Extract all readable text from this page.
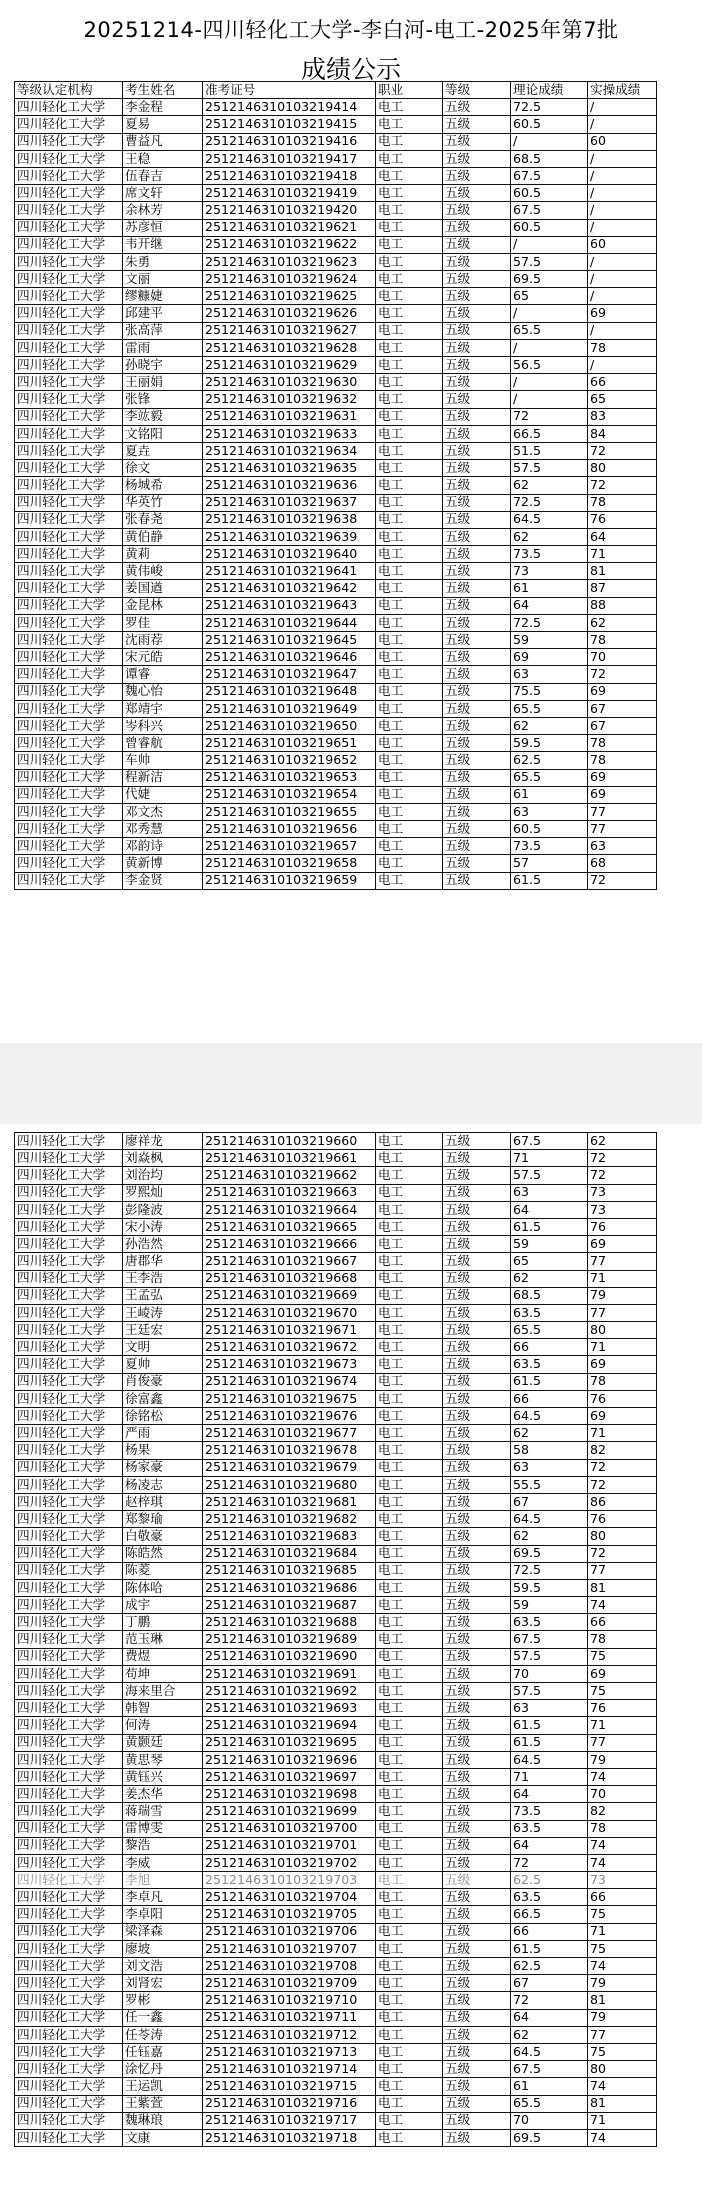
20251214-四川轻化工大学-李白河-电工-2025年第7批
成绩公示
等级认定机构	考生姓名	准考证号	职业	等级	理论成绩	实操成绩
四川轻化工大学	李金程	2512146310103219414	电工	五级	72.5	/
四川轻化工大学	夏易	2512146310103219415	电工	五级	60.5	/
四川轻化工大学	曹益凡	2512146310103219416	电工	五级	/	60
四川轻化工大学	王稳	2512146310103219417	电工	五级	68.5	/
四川轻化工大学	伍春吉	2512146310103219418	电工	五级	67.5	/
四川轻化工大学	席文轩	2512146310103219419	电工	五级	60.5	/
四川轻化工大学	余林芳	2512146310103219420	电工	五级	67.5	/
四川轻化工大学	苏彦恒	2512146310103219621	电工	五级	60.5	/
四川轻化工大学	韦开继	2512146310103219622	电工	五级	/	60
四川轻化工大学	朱勇	2512146310103219623	电工	五级	57.5	/
四川轻化工大学	文丽	2512146310103219624	电工	五级	69.5	/
四川轻化工大学	缪糠婕	2512146310103219625	电工	五级	65	/
四川轻化工大学	邱建平	2512146310103219626	电工	五级	/	69
四川轻化工大学	张高萍	2512146310103219627	电工	五级	65.5	/
四川轻化工大学	雷雨	2512146310103219628	电工	五级	/	78
四川轻化工大学	孙晓宇	2512146310103219629	电工	五级	56.5	/
四川轻化工大学	王丽娟	2512146310103219630	电工	五级	/	66
四川轻化工大学	张锋	2512146310103219632	电工	五级	/	65
四川轻化工大学	李竑毅	2512146310103219631	电工	五级	72	83
四川轻化工大学	文铭阳	2512146310103219633	电工	五级	66.5	84
四川轻化工大学	夏垚	2512146310103219634	电工	五级	51.5	72
四川轻化工大学	徐文	2512146310103219635	电工	五级	57.5	80
四川轻化工大学	杨城希	2512146310103219636	电工	五级	62	72
四川轻化工大学	华英竹	2512146310103219637	电工	五级	72.5	78
四川轻化工大学	张春尧	2512146310103219638	电工	五级	64.5	76
四川轻化工大学	黄伯静	2512146310103219639	电工	五级	62	64
四川轻化工大学	黄莉	2512146310103219640	电工	五级	73.5	71
四川轻化工大学	黄伟峻	2512146310103219641	电工	五级	73	81
四川轻化工大学	姜国遒	2512146310103219642	电工	五级	61	87
四川轻化工大学	金昆林	2512146310103219643	电工	五级	64	88
四川轻化工大学	罗佳	2512146310103219644	电工	五级	72.5	62
四川轻化工大学	沈雨荐	2512146310103219645	电工	五级	59	78
四川轻化工大学	宋元皓	2512146310103219646	电工	五级	69	70
四川轻化工大学	谭睿	2512146310103219647	电工	五级	63	72
四川轻化工大学	魏心怡	2512146310103219648	电工	五级	75.5	69
四川轻化工大学	郑靖宇	2512146310103219649	电工	五级	65.5	67
四川轻化工大学	岑科兴	2512146310103219650	电工	五级	62	67
四川轻化工大学	曾睿航	2512146310103219651	电工	五级	59.5	78
四川轻化工大学	车帅	2512146310103219652	电工	五级	62.5	78
四川轻化工大学	程新洁	2512146310103219653	电工	五级	65.5	69
四川轻化工大学	代婕	2512146310103219654	电工	五级	61	69
四川轻化工大学	邓文杰	2512146310103219655	电工	五级	63	77
四川轻化工大学	邓秀慧	2512146310103219656	电工	五级	60.5	77
四川轻化工大学	邓韵诗	2512146310103219657	电工	五级	73.5	63
四川轻化工大学	黄新博	2512146310103219658	电工	五级	57	68
四川轻化工大学	李金贤	2512146310103219659	电工	五级	61.5	72
四川轻化工大学	廖祥龙	2512146310103219660	电工	五级	67.5	62
四川轻化工大学	刘焱枫	2512146310103219661	电工	五级	71	72
四川轻化工大学	刘治均	2512146310103219662	电工	五级	57.5	72
四川轻化工大学	罗熙灿	2512146310103219663	电工	五级	63	73
四川轻化工大学	彭隆波	2512146310103219664	电工	五级	64	73
四川轻化工大学	宋小涛	2512146310103219665	电工	五级	61.5	76
四川轻化工大学	孙浩然	2512146310103219666	电工	五级	59	69
四川轻化工大学	唐郡华	2512146310103219667	电工	五级	65	77
四川轻化工大学	王李浩	2512146310103219668	电工	五级	62	71
四川轻化工大学	王孟弘	2512146310103219669	电工	五级	68.5	79
四川轻化工大学	王崚涛	2512146310103219670	电工	五级	63.5	77
四川轻化工大学	王廷宏	2512146310103219671	电工	五级	65.5	80
四川轻化工大学	文明	2512146310103219672	电工	五级	66	71
四川轻化工大学	夏帅	2512146310103219673	电工	五级	63.5	69
四川轻化工大学	肖俊豪	2512146310103219674	电工	五级	61.5	78
四川轻化工大学	徐富鑫	2512146310103219675	电工	五级	66	76
四川轻化工大学	徐铭松	2512146310103219676	电工	五级	64.5	69
四川轻化工大学	严雨	2512146310103219677	电工	五级	62	71
四川轻化工大学	杨果	2512146310103219678	电工	五级	58	82
四川轻化工大学	杨家豪	2512146310103219679	电工	五级	63	72
四川轻化工大学	杨凌志	2512146310103219680	电工	五级	55.5	72
四川轻化工大学	赵梓琪	2512146310103219681	电工	五级	67	86
四川轻化工大学	郑黎瑜	2512146310103219682	电工	五级	64.5	76
四川轻化工大学	白敬豪	2512146310103219683	电工	五级	62	80
四川轻化工大学	陈皓然	2512146310103219684	电工	五级	69.5	72
四川轻化工大学	陈菱	2512146310103219685	电工	五级	72.5	77
四川轻化工大学	陈体哈	2512146310103219686	电工	五级	59.5	81
四川轻化工大学	成宇	2512146310103219687	电工	五级	59	74
四川轻化工大学	丁鹏	2512146310103219688	电工	五级	63.5	66
四川轻化工大学	范玉琳	2512146310103219689	电工	五级	67.5	78
四川轻化工大学	费煜	2512146310103219690	电工	五级	57.5	75
四川轻化工大学	苟坤	2512146310103219691	电工	五级	70	69
四川轻化工大学	海来里合	2512146310103219692	电工	五级	57.5	75
四川轻化工大学	韩智	2512146310103219693	电工	五级	63	76
四川轻化工大学	何涛	2512146310103219694	电工	五级	61.5	71
四川轻化工大学	黄颢廷	2512146310103219695	电工	五级	61.5	77
四川轻化工大学	黄思琴	2512146310103219696	电工	五级	64.5	79
四川轻化工大学	黄钰兴	2512146310103219697	电工	五级	71	74
四川轻化工大学	姜杰华	2512146310103219698	电工	五级	64	70
四川轻化工大学	蒋瑞雪	2512146310103219699	电工	五级	73.5	82
四川轻化工大学	雷博雯	2512146310103219700	电工	五级	63.5	78
四川轻化工大学	黎浩	2512146310103219701	电工	五级	64	74
四川轻化工大学	李威	2512146310103219702	电工	五级	72	74
四川轻化工大学	李旭	2512146310103219703	电工	五级	62.5	73
四川轻化工大学	李卓凡	2512146310103219704	电工	五级	63.5	66
四川轻化工大学	李卓阳	2512146310103219705	电工	五级	66.5	75
四川轻化工大学	梁泽森	2512146310103219706	电工	五级	66	71
四川轻化工大学	廖坡	2512146310103219707	电工	五级	61.5	75
四川轻化工大学	刘文浩	2512146310103219708	电工	五级	62.5	74
四川轻化工大学	刘肾宏	2512146310103219709	电工	五级	67	79
四川轻化工大学	罗彬	2512146310103219710	电工	五级	72	81
四川轻化工大学	任一鑫	2512146310103219711	电工	五级	64	79
四川轻化工大学	任苓涛	2512146310103219712	电工	五级	62	77
四川轻化工大学	任钰嘉	2512146310103219713	电工	五级	64.5	75
四川轻化工大学	涂忆丹	2512146310103219714	电工	五级	67.5	80
四川轻化工大学	王运凯	2512146310103219715	电工	五级	61	74
四川轻化工大学	王紫萱	2512146310103219716	电工	五级	65.5	81
四川轻化工大学	魏琳琅	2512146310103219717	电工	五级	70	71
四川轻化工大学	文康	2512146310103219718	电工	五级	69.5	74
